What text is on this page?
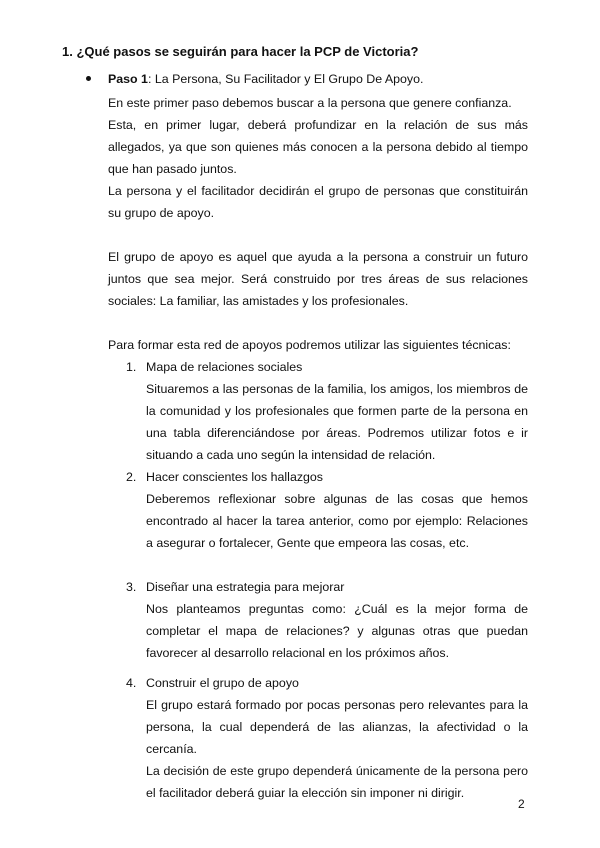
1. ¿Qué pasos se seguirán para hacer la PCP de Victoria?
Paso 1: La Persona, Su Facilitador y El Grupo De Apoyo.
En este primer paso debemos buscar a la persona que genere confianza.
Esta, en primer lugar, deberá profundizar en la relación de sus más allegados, ya que son quienes más conocen a la persona debido al tiempo que han pasado juntos.
La persona y el facilitador decidirán el grupo de personas que constituirán su grupo de apoyo.
El grupo de apoyo es aquel que ayuda a la persona a construir un futuro juntos que sea mejor. Será construido por tres áreas de sus relaciones sociales: La familiar, las amistades y los profesionales.
Para formar esta red de apoyos podremos utilizar las siguientes técnicas:
1. Mapa de relaciones sociales
Situaremos a las personas de la familia, los amigos, los miembros de la comunidad y los profesionales que formen parte de la persona en una tabla diferenciándose por áreas. Podremos utilizar fotos e ir situando a cada uno según la intensidad de relación.
2. Hacer conscientes los hallazgos
Deberemos reflexionar sobre algunas de las cosas que hemos encontrado al hacer la tarea anterior, como por ejemplo: Relaciones a asegurar o fortalecer, Gente que empeora las cosas, etc.
3. Diseñar una estrategia para mejorar
Nos planteamos preguntas como: ¿Cuál es la mejor forma de completar el mapa de relaciones? y algunas otras que puedan favorecer al desarrollo relacional en los próximos años.
4. Construir el grupo de apoyo
El grupo estará formado por pocas personas pero relevantes para la persona, la cual dependerá de las alianzas, la afectividad o la cercanía.
La decisión de este grupo dependerá únicamente de la persona pero el facilitador deberá guiar la elección sin imponer ni dirigir.
2
